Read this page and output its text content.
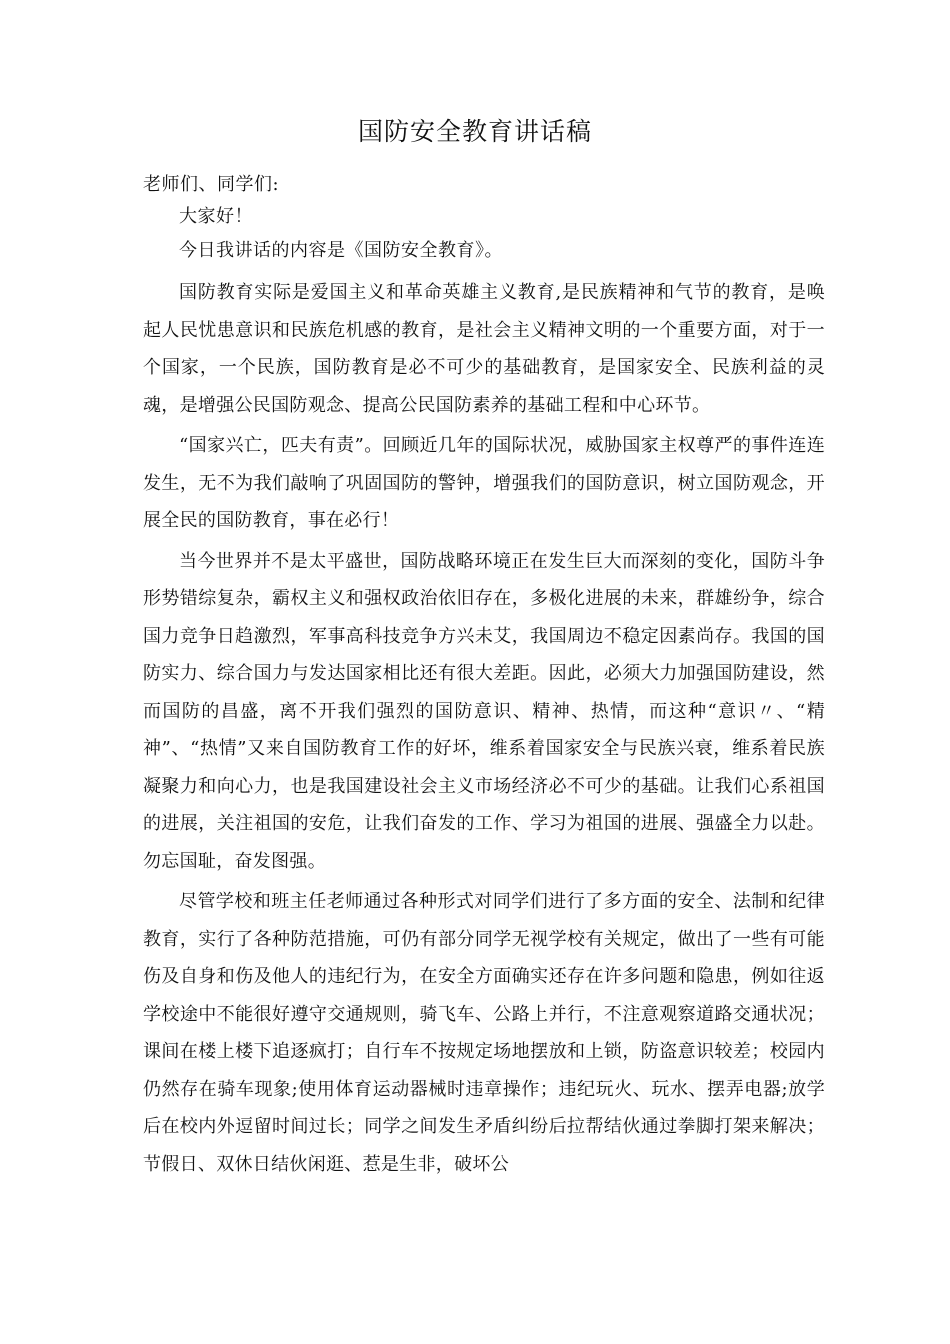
国防安全教育讲话稿

老师们、同学们:

大家好！

今日我讲话的内容是《国防安全教育》。

国防教育实际是爱国主义和革命英雄主义教育,是民族精神和气节的教育，是唤起人民忧患意识和民族危机感的教育，是社会主义精神文明的一个重要方面，对于一个国家，一个民族，国防教育是必不可少的基础教育，是国家安全、民族利益的灵魂，是增强公民国防观念、提高公民国防素养的基础工程和中心环节。

“国家兴亡，匹夫有责”。回顾近几年的国际状况，威胁国家主权尊严的事件连连发生，无不为我们敲响了巩固国防的警钟，增强我们的国防意识，树立国防观念，开展全民的国防教育，事在必行！

当今世界并不是太平盛世，国防战略环境正在发生巨大而深刻的变化，国防斗争形势错综复杂，霸权主义和强权政治依旧存在，多极化进展的未来，群雄纷争，综合国力竞争日趋激烈，军事高科技竞争方兴未艾，我国周边不稳定因素尚存。我国的国防实力、综合国力与发达国家相比还有很大差距。因此，必须大力加强国防建设，然而国防的昌盛，离不开我们强烈的国防意识、精神、热情，而这种“意识〃、“精神”、“热情”又来自国防教育工作的好坏，维系着国家安全与民族兴衰，维系着民族凝聚力和向心力，也是我国建设社会主义市场经济必不可少的基础。让我们心系祖国的进展，关注祖国的安危，让我们奋发的工作、学习为祖国的进展、强盛全力以赴。勿忘国耻，奋发图强。

尽管学校和班主任老师通过各种形式对同学们进行了多方面的安全、法制和纪律教育，实行了各种防范措施，可仍有部分同学无视学校有关规定，做出了一些有可能伤及自身和伤及他人的违纪行为，在安全方面确实还存在许多问题和隐患，例如往返学校途中不能很好遵守交通规则，骑飞车、公路上并行，不注意观察道路交通状况；课间在楼上楼下追逐疯打；自行车不按规定场地摆放和上锁，防盗意识较差；校园内仍然存在骑车现象;使用体育运动器械时违章操作；违纪玩火、玩水、摆弄电器;放学后在校内外逗留时间过长；同学之间发生矛盾纠纷后拉帮结伙通过拳脚打架来解决；节假日、双休日结伙闲逛、惹是生非，破坏公
